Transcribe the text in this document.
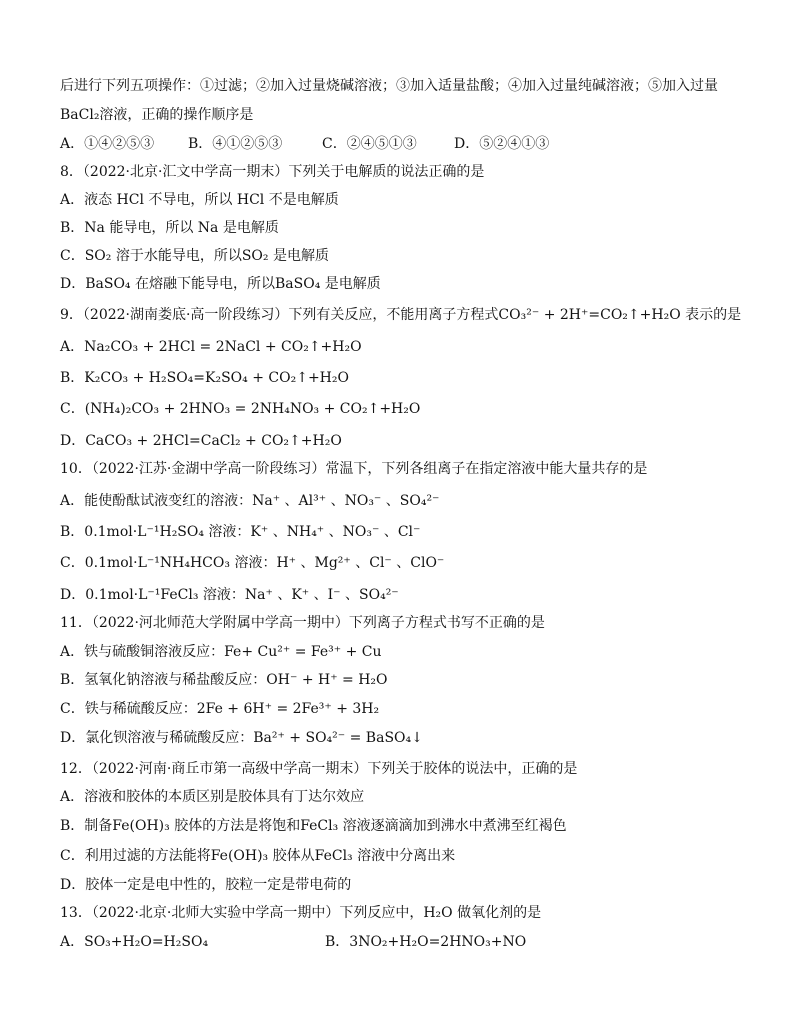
后进行下列五项操作：①过滤；②加入过量烧碱溶液；③加入适量盐酸；④加入过量纯碱溶液；⑤加入过量
BaCl₂溶液，正确的操作顺序是
A．①④②⑤③ B．④①②⑤③	C．②④⑤①③	D．⑤②④①③
8．（2022·北京·汇文中学高一期末）下列关于电解质的说法正确的是
A．液态 HCl 不导电，所以 HCl 不是电解质
B．Na 能导电，所以 Na 是电解质
C．SO₂ 溶于水能导电，所以SO₂ 是电解质
D．BaSO₄ 在熔融下能导电，所以BaSO₄ 是电解质
9．（2022·湖南娄底·高一阶段练习）下列有关反应，不能用离子方程式CO₃²⁻ + 2H⁺=CO₂↑+H₂O 表示的是
A．Na₂CO₃ + 2HCl = 2NaCl + CO₂↑+H₂O
B．K₂CO₃ + H₂SO₄=K₂SO₄ + CO₂↑+H₂O
C．(NH₄)₂CO₃ + 2HNO₃ = 2NH₄NO₃ + CO₂↑+H₂O
D．CaCO₃ + 2HCl=CaCl₂ + CO₂↑+H₂O
10．（2022·江苏·金湖中学高一阶段练习）常温下，下列各组离子在指定溶液中能大量共存的是
A．能使酚酞试液变红的溶液：Na⁺ 、Al³⁺ 、NO₃⁻ 、SO₄²⁻
B．0.1mol·L⁻¹H₂SO₄ 溶液：K⁺ 、NH₄⁺ 、NO₃⁻ 、Cl⁻
C．0.1mol·L⁻¹NH₄HCO₃ 溶液：H⁺ 、Mg²⁺ 、Cl⁻ 、ClO⁻
D．0.1mol·L⁻¹FeCl₃ 溶液：Na⁺ 、K⁺ 、I⁻ 、SO₄²⁻
11．（2022·河北师范大学附属中学高一期中）下列离子方程式书写不正确的是
A．铁与硫酸铜溶液反应：Fe+ Cu²⁺ = Fe³⁺ + Cu
B．氢氧化钠溶液与稀盐酸反应：OH⁻ + H⁺ = H₂O
C．铁与稀硫酸反应：2Fe + 6H⁺ = 2Fe³⁺ + 3H₂
D．氯化钡溶液与稀硫酸反应：Ba²⁺ + SO₄²⁻ = BaSO₄↓
12．（2022·河南·商丘市第一高级中学高一期末）下列关于胶体的说法中，正确的是
A．溶液和胶体的本质区别是胶体具有丁达尔效应
B．制备Fe(OH)₃ 胶体的方法是将饱和FeCl₃ 溶液逐滴滴加到沸水中煮沸至红褐色
C．利用过滤的方法能将Fe(OH)₃ 胶体从FeCl₃ 溶液中分离出来
D．胶体一定是电中性的，胶粒一定是带电荷的
13．（2022·北京·北师大实验中学高一期中）下列反应中，H₂O 做氧化剂的是
A．SO₃+H₂O=H₂SO₄	B．3NO₂+H₂O=2HNO₃+NO
